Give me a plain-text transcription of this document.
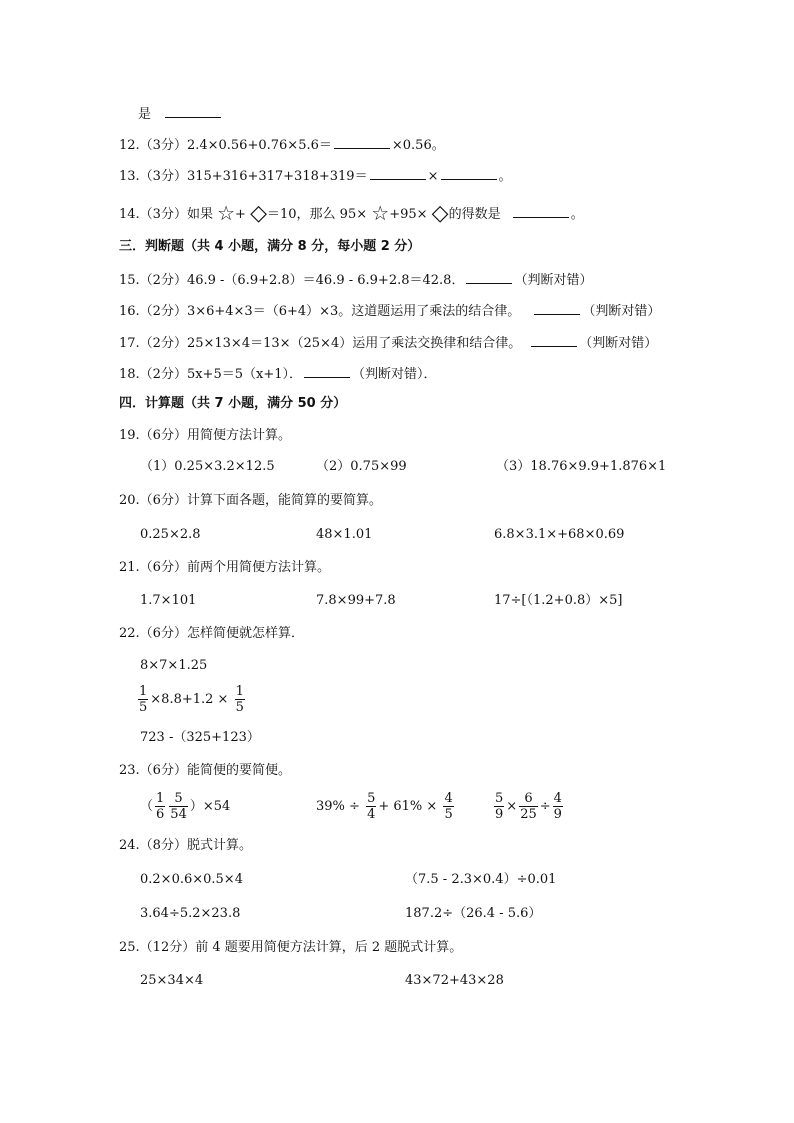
是
12.（3分）2.4×0.56+0.76×5.6＝	×0.56。
13.（3分）315+316+317+318+319＝	×	。
14.（3分）如果 ☆+ ◇＝10，那么 95× ☆+95× ◇的得数是	。
三．判断题（共 4 小题，满分 8 分，每小题 2 分）
15.（2分）46.9 -（6.9+2.8）＝46.9 - 6.9+2.8＝42.8．	（判断对错）
16.（2分）3×6+4×3＝（6+4）×3。这道题运用了乘法的结合律。	（判断对错）
17.（2分）25×13×4＝13×（25×4）运用了乘法交换律和结合律。	（判断对错）
18.（2分）5x+5＝5（x+1）．	（判断对错）．
四．计算题（共 7 小题，满分 50 分）
19.（6分）用简便方法计算。
（1）0.25×3.2×12.5	（2）0.75×99	（3）18.76×9.9+1.876×1
20.（6分）计算下面各题，能简算的要简算。
0.25×2.8	48×1.01	6.8×3.1×+68×0.69
21.（6分）前两个用简便方法计算。
1.7×101	7.8×99+7.8	17÷[（1.2+0.8）×5]
22.（6分）怎样简便就怎样算．
8×7×1.25
$\frac{1}{5} \times 8.8+1.2 \times \frac{1}{5}$
723 -（325+123）
23.（6分）能简便的要简便。
（ $\frac{1}{6} \frac{5}{54} )\times 54$	$39\% \div \frac{5}{4} + 61\% \times \frac{4}{5}$	$\frac{5}{9} \times \frac{6}{25} \div \frac{4}{9}$
24.（8分）脱式计算。
0.2×0.6×0.5×4	（7.5 - 2.3×0.4）÷0.01
3.64÷5.2×23.8	187.2÷（26.4 - 5.6）
25.（12分）前 4 题要用简便方法计算，后 2 题脱式计算。
25×34×4	43×72+43×28
